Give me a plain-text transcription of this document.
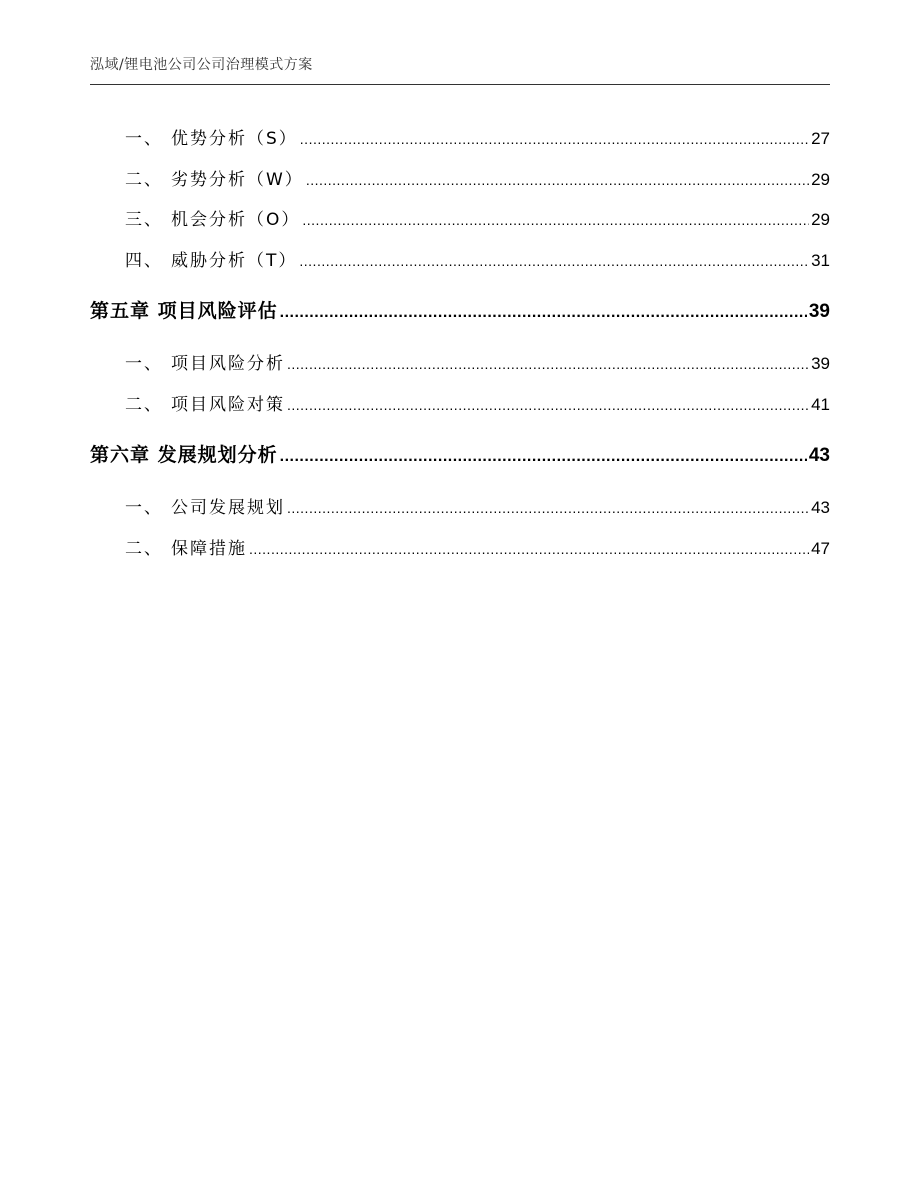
泓域/锂电池公司公司治理模式方案
一、 优势分析（S） .....	27
二、 劣势分析（W） .....	29
三、 机会分析（O） .....	29
四、 威胁分析（T） .....	31
第五章 项目风险评估 .....	39
一、 项目风险分析 .....	39
二、 项目风险对策 .....	41
第六章 发展规划分析 .....	43
一、 公司发展规划 .....	43
二、 保障措施 .....	47
